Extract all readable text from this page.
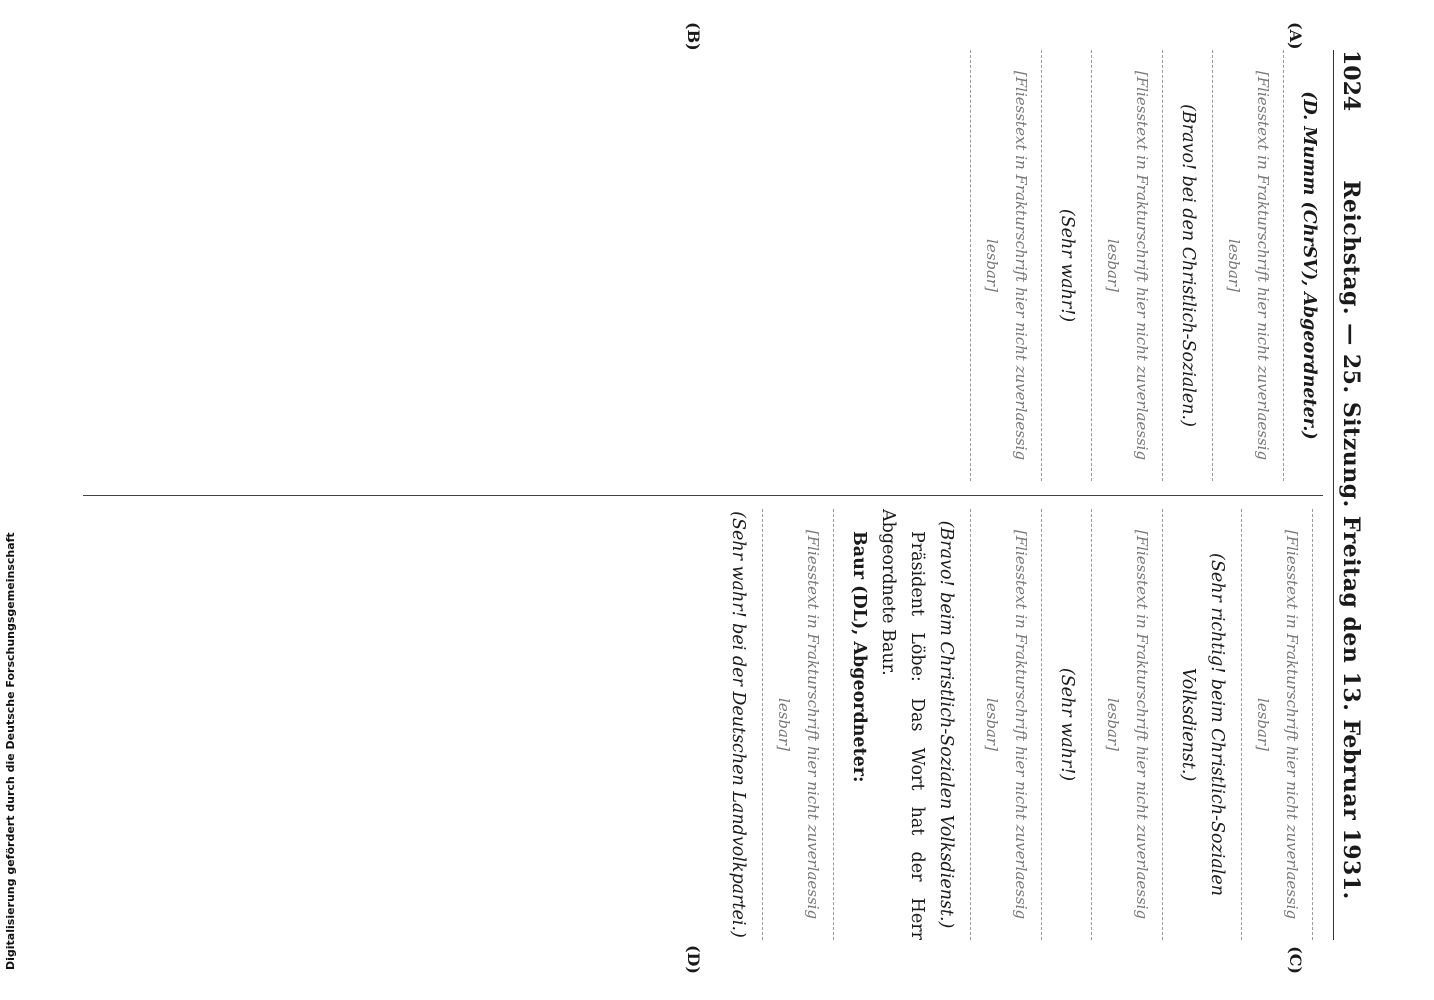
1024
Reichstag. — 25. Sitzung. Freitag den 13. Februar 1931.
(A)
(B)
(C)
(D)

(D. Mumm (ChrSV), Abgeordneter.)

[Fliesstext in Frakturschrift hier nicht zuverlaessig lesbar]

(Bravo! bei den Christlich-Sozialen.)

[Fliesstext in Frakturschrift hier nicht zuverlaessig lesbar]

(Sehr wahr!)

[Fliesstext in Frakturschrift hier nicht zuverlaessig lesbar]
[Fliesstext in Frakturschrift hier nicht zuverlaessig lesbar]

(Sehr richtig! beim Christlich-Sozialen Volksdienst.)

[Fliesstext in Frakturschrift hier nicht zuverlaessig lesbar]

(Sehr wahr!)

[Fliesstext in Frakturschrift hier nicht zuverlaessig lesbar]

(Bravo! beim Christlich-Sozialen Volksdienst.)

Präsident Löbe: Das Wort hat der Herr Abgeordnete Baur.

Baur (DL), Abgeordneter:

[Fliesstext in Frakturschrift hier nicht zuverlaessig lesbar]

(Sehr wahr! bei der Deutschen Landvolkpartei.)

Digitalisierung gefördert durch die Deutsche Forschungsgemeinschaft
